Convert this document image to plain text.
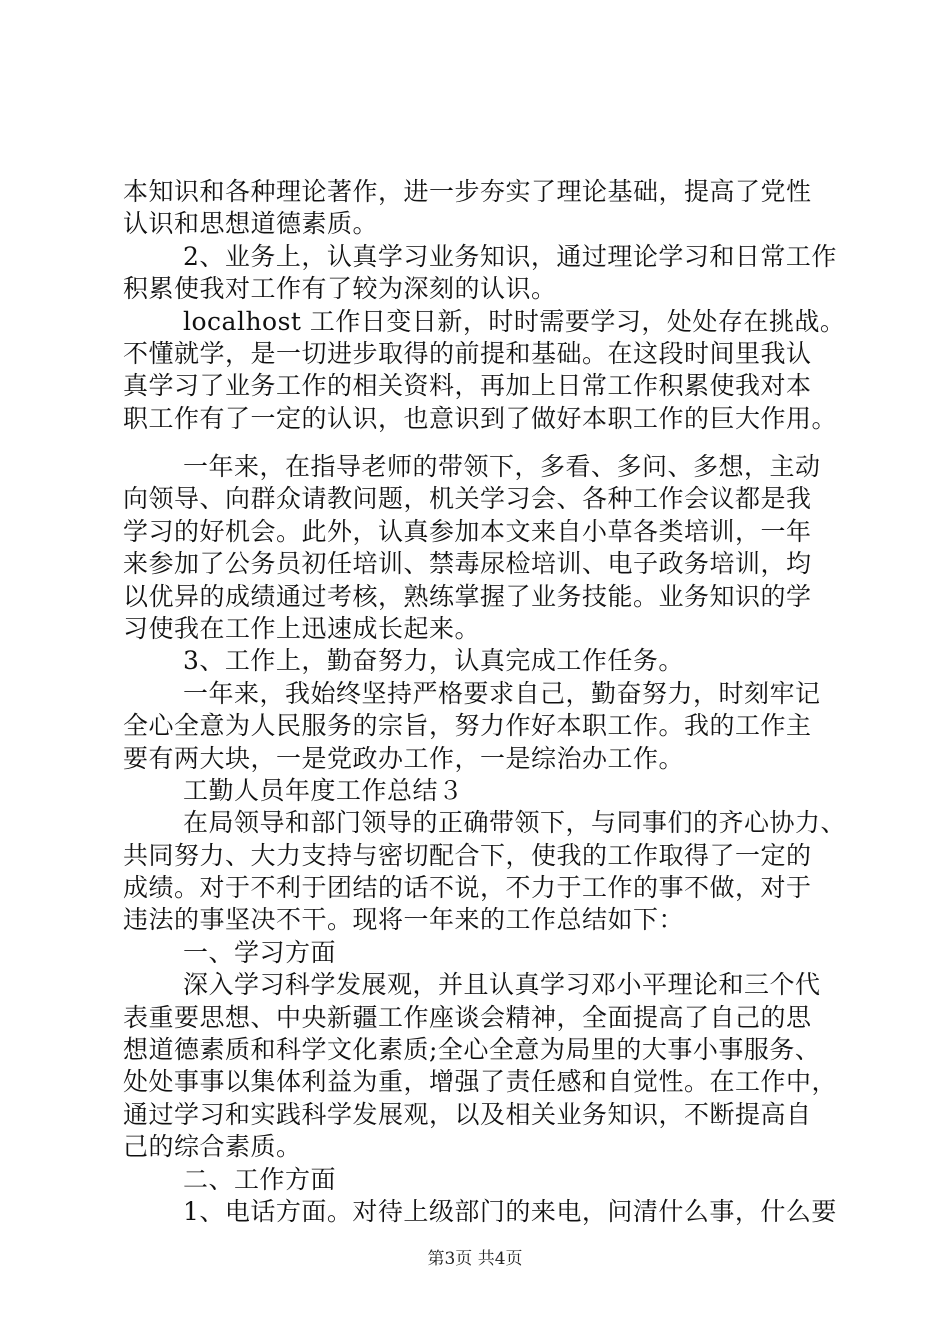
本知识和各种理论著作，进一步夯实了理论基础，提高了党性
认识和思想道德素质。
2、业务上，认真学习业务知识，通过理论学习和日常工作
积累使我对工作有了较为深刻的认识。
localhost 工作日变日新，时时需要学习，处处存在挑战。
不懂就学，是一切进步取得的前提和基础。在这段时间里我认
真学习了业务工作的相关资料，再加上日常工作积累使我对本
职工作有了一定的认识，也意识到了做好本职工作的巨大作用。
一年来，在指导老师的带领下，多看、多问、多想，主动
向领导、向群众请教问题，机关学习会、各种工作会议都是我
学习的好机会。此外，认真参加本文来自小草各类培训，一年
来参加了公务员初任培训、禁毒尿检培训、电子政务培训，均
以优异的成绩通过考核，熟练掌握了业务技能。业务知识的学
习使我在工作上迅速成长起来。
3、工作上，勤奋努力，认真完成工作任务。
一年来，我始终坚持严格要求自己，勤奋努力，时刻牢记
全心全意为人民服务的宗旨，努力作好本职工作。我的工作主
要有两大块，一是党政办工作，一是综治办工作。
工勤人员年度工作总结３
在局领导和部门领导的正确带领下，与同事们的齐心协力、
共同努力、大力支持与密切配合下，使我的工作取得了一定的
成绩。对于不利于团结的话不说，不力于工作的事不做，对于
违法的事坚决不干。现将一年来的工作总结如下：
一、学习方面
深入学习科学发展观，并且认真学习邓小平理论和三个代
表重要思想、中央新疆工作座谈会精神，全面提高了自己的思
想道德素质和科学文化素质;全心全意为局里的大事小事服务、
处处事事以集体利益为重，增强了责任感和自觉性。在工作中，
通过学习和实践科学发展观，以及相关业务知识，不断提高自
己的综合素质。
二、工作方面
1、电话方面。对待上级部门的来电，问清什么事，什么要
第3页 共4页
